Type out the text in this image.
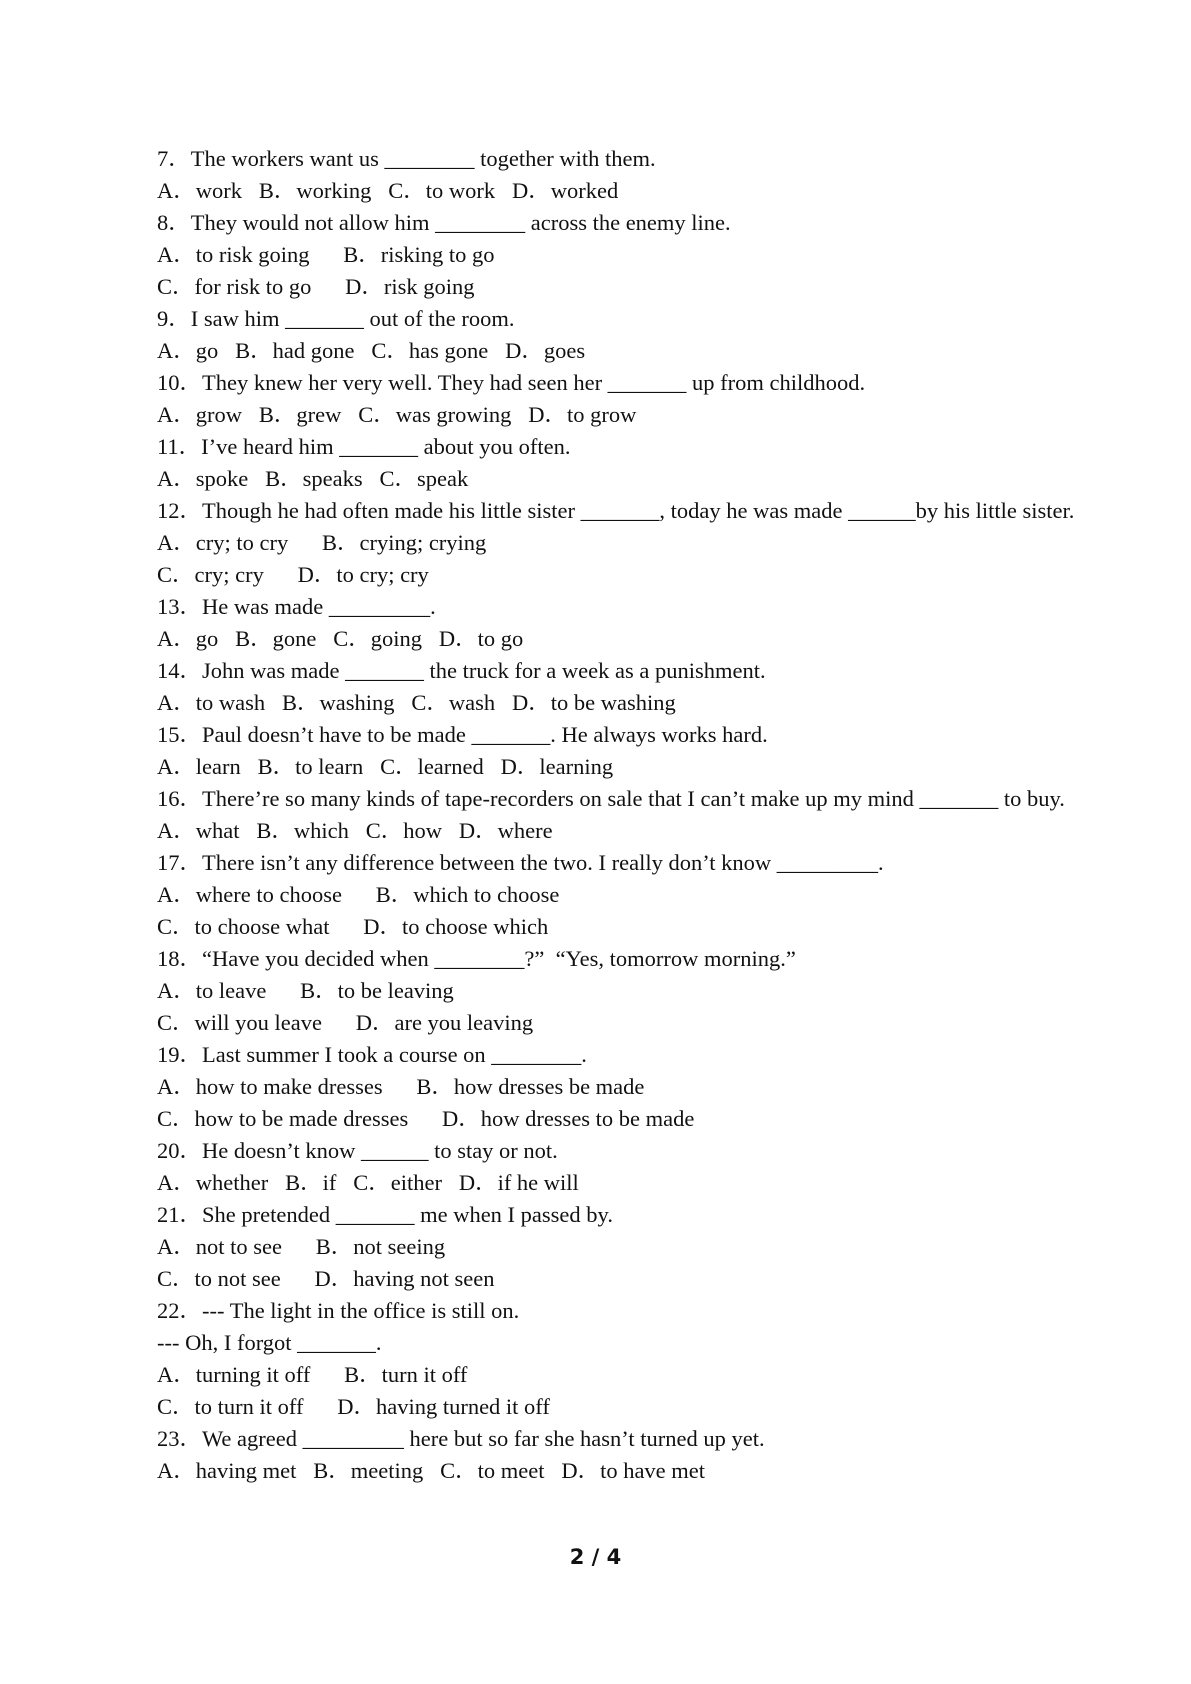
7．The workers want us ________ together with them.
A．work   B．working   C．to work   D．worked
8．They would not allow him ________ across the enemy line.
A．to risk going      B．risking to go
C．for risk to go      D．risk going
9．I saw him _______ out of the room.
A．go   B．had gone   C．has gone   D．goes
10．They knew her very well. They had seen her _______ up from childhood.
A．grow   B．grew   C．was growing   D．to grow
11．I’ve heard him _______ about you often.
A．spoke   B．speaks   C．speak
12．Though he had often made his little sister _______, today he was made ______by his little sister.
A．cry; to cry      B．crying; crying
C．cry; cry      D．to cry; cry
13．He was made _________.
A．go   B．gone   C．going   D．to go
14．John was made _______ the truck for a week as a punishment.
A．to wash   B．washing   C．wash   D．to be washing
15．Paul doesn’t have to be made _______. He always works hard.
A．learn   B．to learn   C．learned   D．learning
16．There’re so many kinds of tape-recorders on sale that I can’t make up my mind _______ to buy.
A．what   B．which   C．how   D．where
17．There isn’t any difference between the two. I really don’t know _________.
A．where to choose      B．which to choose
C．to choose what      D．to choose which
18．“Have you decided when ________?”  “Yes, tomorrow morning.”
A．to leave      B．to be leaving
C．will you leave      D．are you leaving
19．Last summer I took a course on ________.
A．how to make dresses      B．how dresses be made
C．how to be made dresses      D．how dresses to be made
20．He doesn’t know ______ to stay or not.
A．whether   B．if   C．either   D．if he will
21．She pretended _______ me when I passed by.
A．not to see      B．not seeing
C．to not see      D．having not seen
22．--- The light in the office is still on.
--- Oh, I forgot _______.
A．turning it off      B．turn it off
C．to turn it off      D．having turned it off
23．We agreed _________ here but so far she hasn’t turned up yet.
A．having met   B．meeting   C．to meet   D．to have met
2 / 4
